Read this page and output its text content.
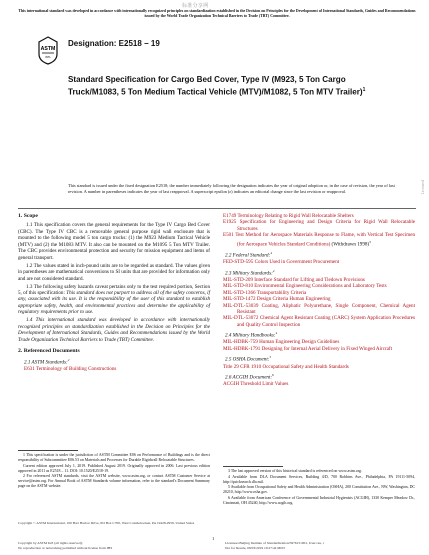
标准分享网
This international standard was developed in accordance with internationally recognized principles on standardization established in the Decision on Principles for the Development of International Standards, Guides and Recommendations issued by the World Trade Organization Technical Barriers to Trade (TBT) Committee.
ASTM
INTL
Designation: E2518 − 19
Standard Specification for Cargo Bed Cover, Type IV (M923, 5 Ton Cargo Truck/M1083, 5 Ton Medium Tactical Vehicle (MTV)/M1082, 5 Ton MTV Trailer)$^1$
This standard is issued under the fixed designation E2518; the number immediately following the designation indicates the year of original adoption or, in the case of revision, the year of last revision. A number in parentheses indicates the year of last reapproval. A superscript epsilon (ε) indicates an editorial change since the last revision or reapproval.	Licensed

1. Scope

1.1 This specification covers the general requirements for the Type IV Cargo Bed Cover (CBC). The Type IV CBC is a removable general purpose rigid wall enclosure that is mounted to the following model 5 ton cargo trucks: (1) the M923 Medium Tactical Vehicle (MTV) and (2) the M1083 MTV. It also can be mounted on the M1095 5 Ton MTV Trailer. The CBC provides environmental protection and security for mission equipment and items of general transport.

1.2 The values stated in inch-pound units are to be regarded as standard. The values given in parentheses are mathematical conversions to SI units that are provided for information only and are not considered standard.

1.3 The following safety hazards caveat pertains only to the test required portion, Section 5, of this specification: This standard does not purport to address all of the safety concerns, if any, associated with its use. It is the responsibility of the user of this standard to establish appropriate safety, health, and environmental practices and determine the applicability of regulatory requirements prior to use.

1.4 This international standard was developed in accordance with internationally recognized principles on standardization established in the Decision on Principles for the Development of International Standards, Guides and Recommendations issued by the World Trade Organization Technical Barriers to Trade (TBT) Committee.

2. Referenced Documents

2.1 ASTM Standards:$^2$

E631 Terminology of Building Constructions

E1749 Terminology Relating to Rigid Wall Relocatable Shelters

E1925 Specification for Engineering and Design Criteria for Rigid Wall Relocatable Structures

E501 Test Method for Aerospace Materials Response to Flame, with Vertical Test Specimen (for Aerospace Vehicles Standard Conditions) (Withdrawn 1998)$^3$

2.2 Federal Standard:$^4$

FED-STD-595 Colors Used in Government Procurement

2.3 Military Standards:$^4$

MIL-STD-209 Interface Standard for Lifting and Tiedown Provisions

MIL-STD-810 Environmental Engineering Considerations and Laboratory Tests

MIL-STD-1366 Transportability Criteria

MIL-STD-1472 Design Criteria Human Engineering

MIL-DTL-53039 Coating, Aliphatic Polyurethane, Single Component, Chemical Agent Resistant

MIL-DTL-53072 Chemical Agent Resistant Coating (CARC) System Application Procedures and Quality Control Inspection

2.4 Military Handbooks:$^4$

MIL-HDBK-759 Human Engineering Design Guidelines

MIL-HDBK-1791 Designing for Internal Aerial Delivery in Fixed Winged Aircraft

2.5 OSHA Document:$^5$

Title 29 CFR 1910 Occupational Safety and Health Standards

2.6 ACGIH Document:$^6$

ACGIH Threshold Limit Values

1 This specification is under the jurisdiction of ASTM Committee E06 on Performance of Buildings and is the direct responsibility of Subcommittee E06.53 on Materials and Processes for Durable Rigidwall Relocatable Structures.

Current edition approved July 1, 2019. Published August 2019. Originally approved in 2006. Last previous edition approved in 2011 as E2518 – 11. DOI: 10.1520/E2518-19.

2 For referenced ASTM standards, visit the ASTM website, www.astm.org, or contact ASTM Customer Service at service@astm.org. For Annual Book of ASTM Standards volume information, refer to the standard's Document Summary page on the ASTM website.

3 The last approved version of this historical standard is referenced on www.astm.org.

4 Available from DLA Document Services, Building 4/D, 700 Robbins Ave., Philadelphia, PA 19111-5094, http://quicksearch.dla.mil.

5 Available from Occupational Safety and Health Administration (OSHA), 200 Constitution Ave., NW, Washington, DC 20210, http://www.osha.gov.

6 Available from American Conference of Governmental Industrial Hygienists (ACGIH), 1330 Kemper Meadow Dr., Cincinnati, OH 45240, http://www.acgih.org.

Copyright © ASTM International, 100 Barr Harbor Drive, PO Box C700, West Conshohocken, PA 19428-2959. United States
1
Copyright by ASTM Int'l (all rights reserved);
No reproduction or networking permitted without license from IHS
Licensee=Beijing Institute of Standardization/5976151001, User=xu, t
Not for Resale, 09/03/2019 19:27:42 MDT
